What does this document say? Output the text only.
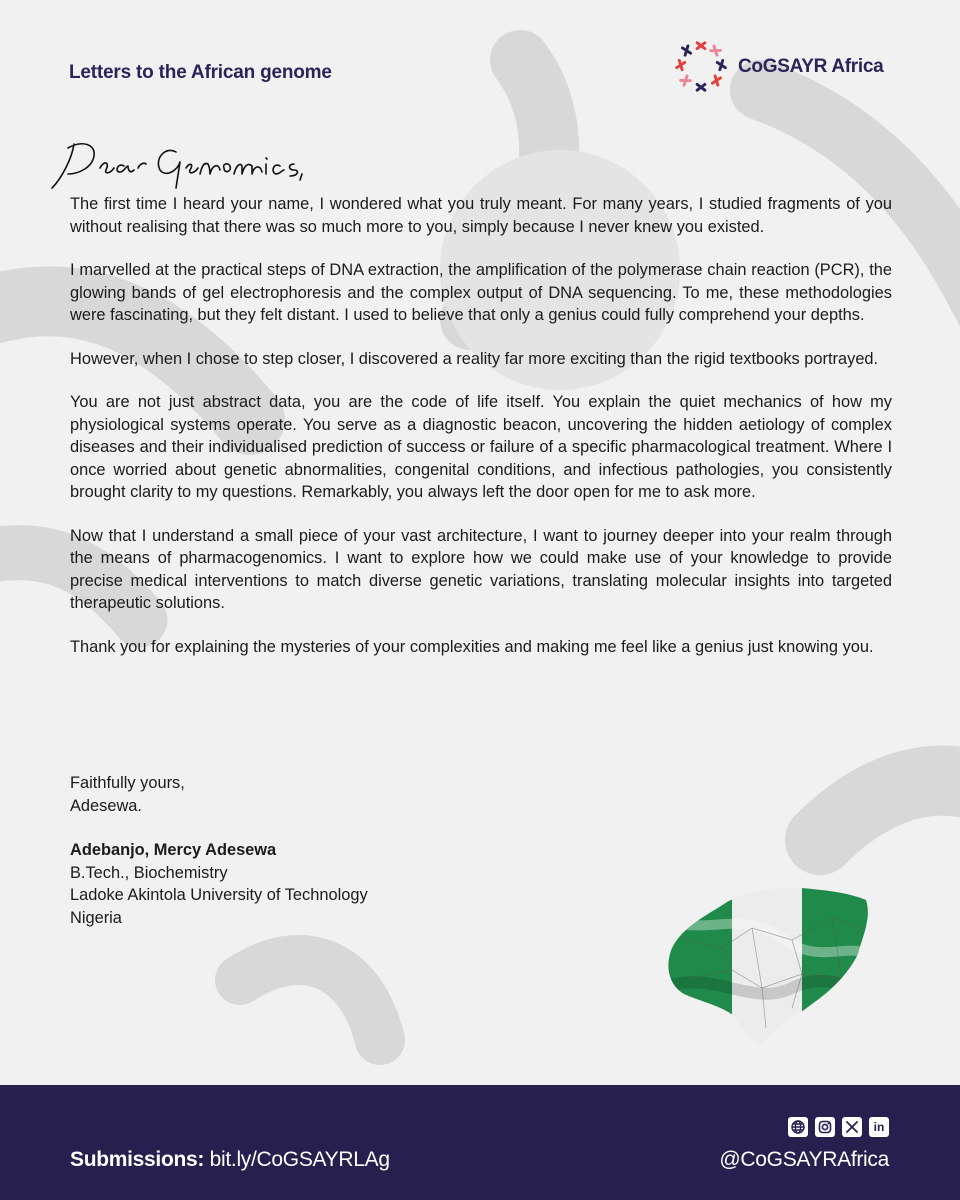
Letters to the African genome	CoGSAYR Africa

The first time I heard your name, I wondered what you truly meant. For many years, I studied fragments of you without realising that there was so much more to you, simply because I never knew you existed.

I marvelled at the practical steps of DNA extraction, the amplification of the polymerase chain reaction (PCR), the glowing bands of gel electrophoresis and the complex output of DNA sequencing. To me, these methodologies were fascinating, but they felt distant. I used to believe that only a genius could fully comprehend your depths.

However, when I chose to step closer, I discovered a reality far more exciting than the rigid textbooks portrayed.

You are not just abstract data, you are the code of life itself. You explain the quiet mechanics of how my physiological systems operate. You serve as a diagnostic beacon, uncovering the hidden aetiology of complex diseases and their individualised prediction of success or failure of a specific pharmacological treatment. Where I once worried about genetic abnormalities, congenital conditions, and infectious pathologies, you consistently brought clarity to my questions. Remarkably, you always left the door open for me to ask more.

Now that I understand a small piece of your vast architecture, I want to journey deeper into your realm through the means of pharmacogenomics. I want to explore how we could make use of your knowledge to provide precise medical interventions to match diverse genetic variations, translating molecular insights into targeted therapeutic solutions.

Thank you for explaining the mysteries of your complexities and making me feel like a genius just knowing you.

Faithfully yours,
Adesewa.
Adebanjo, Mercy Adesewa
B.Tech., Biochemistry
Ladoke Akintola University of Technology
Nigeria
Submissions: bit.ly/CoGSAYRLAg
in
@CoGSAYRAfrica
